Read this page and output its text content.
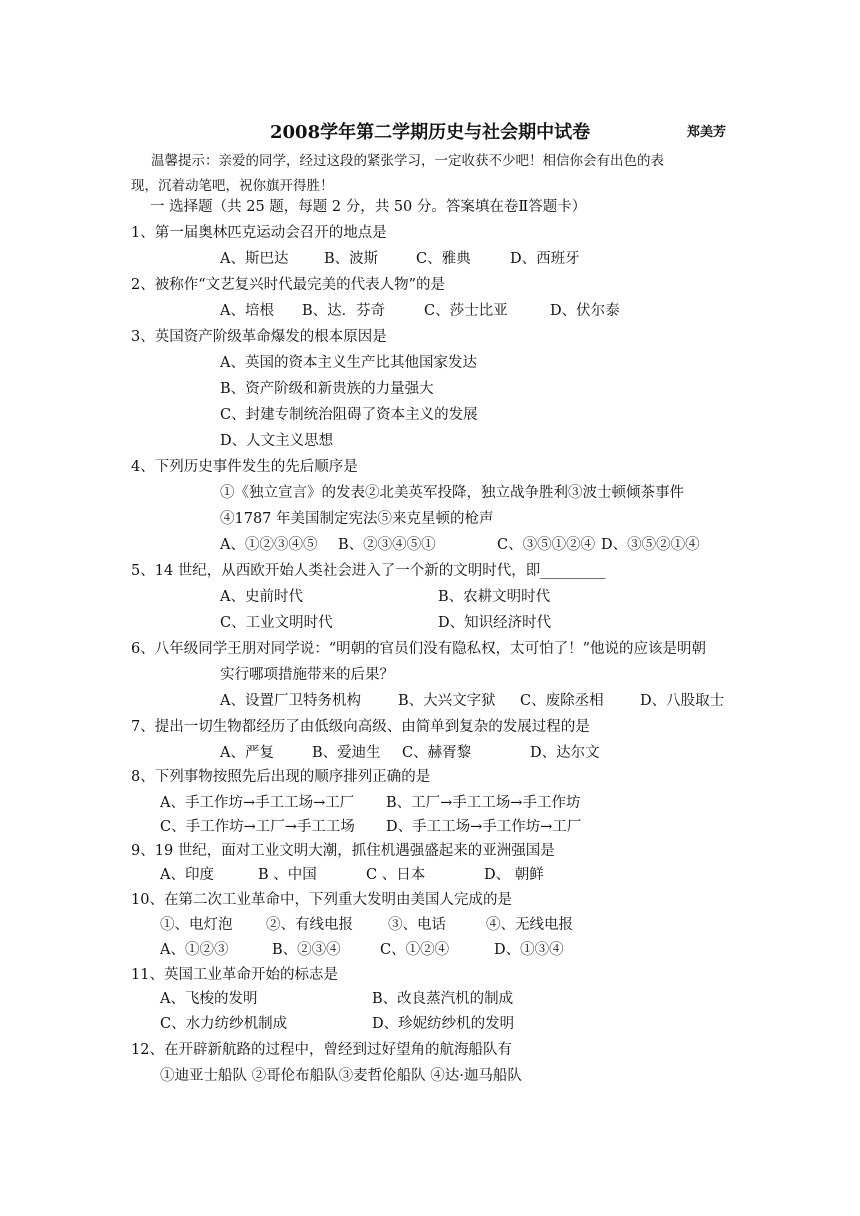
2008学年第二学期历史与社会期中试卷	郑美芳
温馨提示：亲爱的同学，经过这段的紧张学习，一定收获不少吧！相信你会有出色的表
现，沉着动笔吧，祝你旗开得胜！
一 选择题（共 25 题，每题 2 分，共 50 分。答案填在卷Ⅱ答题卡）
1、第一届奥林匹克运动会召开的地点是
A、斯巴达 B、波斯	C、雅典	D、西班牙
2、被称作“文艺复兴时代最完美的代表人物”的是
A、培根 B、达．芬奇	C、莎士比亚	D、伏尔泰
3、英国资产阶级革命爆发的根本原因是
A、英国的资本主义生产比其他国家发达
B、资产阶级和新贵族的力量强大
C、封建专制统治阻碍了资本主义的发展
D、人文主义思想
4、下列历史事件发生的先后顺序是
①《独立宣言》的发表②北美英军投降，独立战争胜利③波士顿倾茶事件
④1787 年美国制定宪法⑤来克星顿的枪声
A、①②③④⑤ B、②③④⑤①	C、③⑤①②④ D、③⑤②①④
5、14 世纪，从西欧开始人类社会进入了一个新的文明时代，即_________
A、史前时代	B、农耕文明时代
C、工业文明时代	D、知识经济时代
6、八年级同学王朋对同学说：“明朝的官员们没有隐私权，太可怕了！”他说的应该是明朝
实行哪项措施带来的后果？
A、设置厂卫特务机构	B、大兴文字狱 C、废除丞相	D、八股取士
7、提出一切生物都经历了由低级向高级、由简单到复杂的发展过程的是
A、严复	B、爱迪生 C、赫胥黎	D、达尔文
8、下列事物按照先后出现的顺序排列正确的是
A、手工作坊→手工工场→工厂 B、工厂→手工工场→手工作坊
C、手工作坊→工厂→手工工场 D、手工工场→手工作坊→工厂
9、19 世纪，面对工业文明大潮，抓住机遇强盛起来的亚洲强国是
A、印度	B 、中国	C 、日本	D、 朝鲜
10、在第二次工业革命中，下列重大发明由美国人完成的是
①、电灯泡 ②、有线电报 ③、电话	④、无线电报
A、①②③	B、②③④	C、①②④	D、①③④
11、英国工业革命开始的标志是
A、飞梭的发明	B、改良蒸汽机的制成
C、水力纺纱机制成	D、珍妮纺纱机的发明
12、在开辟新航路的过程中，曾经到过好望角的航海船队有
①迪亚士船队 ②哥伦布船队③麦哲伦船队 ④达·迦马船队
